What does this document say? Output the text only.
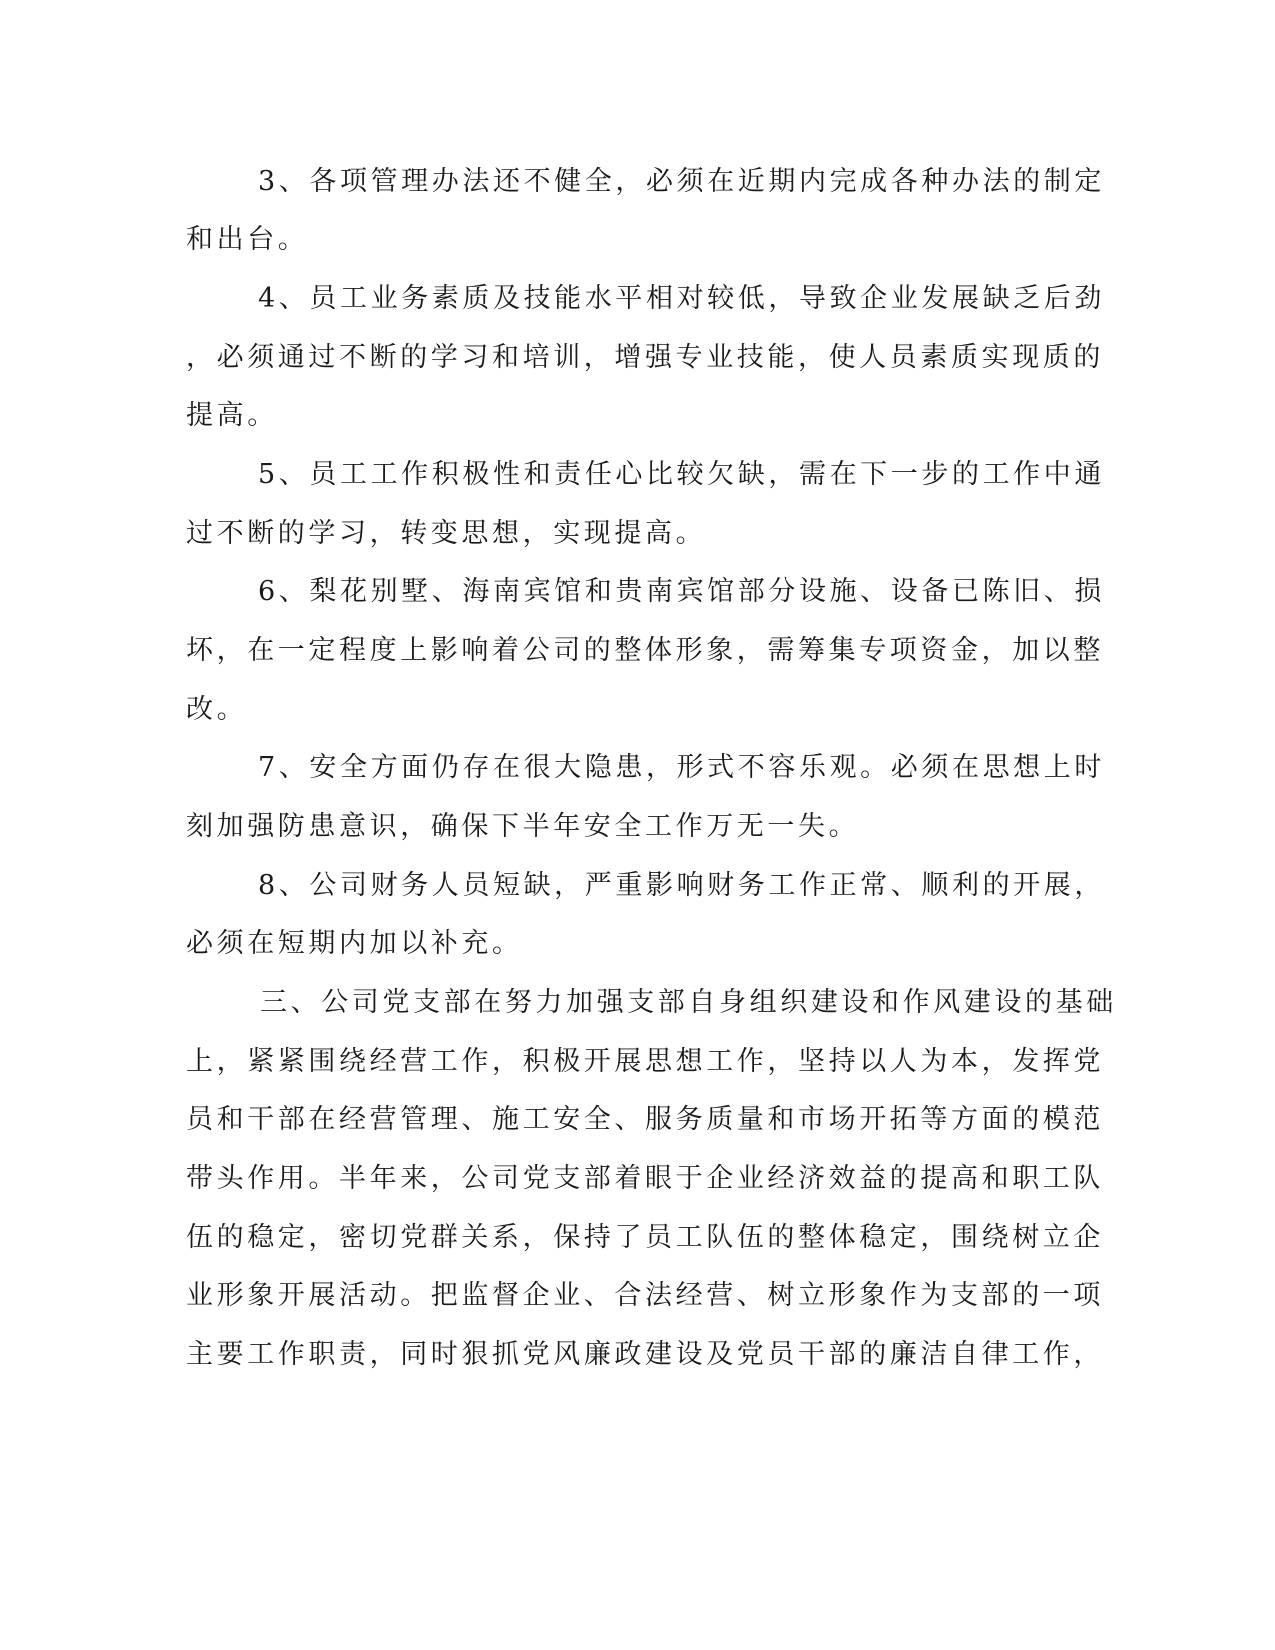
3、各项管理办法还不健全，必须在近期内完成各种办法的制定
和出台。
4、员工业务素质及技能水平相对较低，导致企业发展缺乏后劲
，必须通过不断的学习和培训，增强专业技能，使人员素质实现质的
提高。
5、员工工作积极性和责任心比较欠缺，需在下一步的工作中通
过不断的学习，转变思想，实现提高。
6、梨花别墅、海南宾馆和贵南宾馆部分设施、设备已陈旧、损
坏，在一定程度上影响着公司的整体形象，需筹集专项资金，加以整
改。
7、安全方面仍存在很大隐患，形式不容乐观。必须在思想上时
刻加强防患意识，确保下半年安全工作万无一失。
8、公司财务人员短缺，严重影响财务工作正常、顺利的开展，
必须在短期内加以补充。
三、公司党支部在努力加强支部自身组织建设和作风建设的基础
上，紧紧围绕经营工作，积极开展思想工作，坚持以人为本，发挥党
员和干部在经营管理、施工安全、服务质量和市场开拓等方面的模范
带头作用。半年来，公司党支部着眼于企业经济效益的提高和职工队
伍的稳定，密切党群关系，保持了员工队伍的整体稳定，围绕树立企
业形象开展活动。把监督企业、合法经营、树立形象作为支部的一项
主要工作职责，同时狠抓党风廉政建设及党员干部的廉洁自律工作，
